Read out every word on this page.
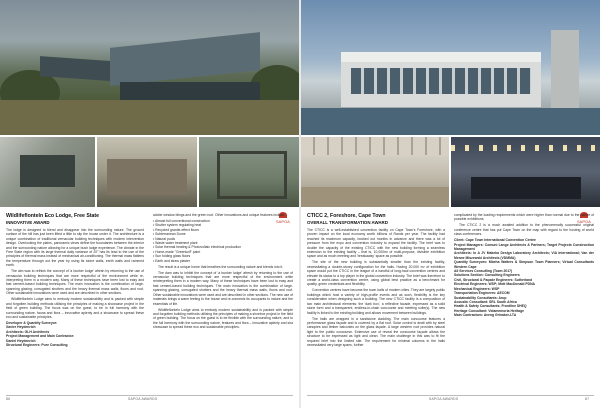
Wildlifeflonteln Eco Lodge, Free State
INNOVATIVE AWARD	SAPOA

The lodge is designed to blend and disappear into the surrounding nature. The ground surface of the hill has just been lifted a little to slip the house under it. The architecture is a unique combination of traditional vernacular building techniques with modern intervention design. Overlooking the plains, panoramic views define the boundaries between the interior and the surrounding nature allowing for a unique bush lodge experience. The climate in the Free State region with its large thermal daily variance of 20° has its lead to the use of the principles of thermal mass instead of mechanical air-conditioning. The thermal mass flattens the temperature through out the year by using its stone walls, earth walls and rammed earth.

The aim was to rethink the concept of 'a bunker lodge' afresh by returning to the use of vernacular building techniques that are more respectful of the environment while re-interpreting them in a modern way. Many of these techniques have been lost to easy and fast cement-based building techniques. The main innovation is the combination of large-spanning glazing, corrugated shutters and the heavy thermal mass walls, floors and roof. Other sustainable innovations were used and are described in other sections.

Wildlifeflonteln Lodge aims to embody modern sustainability and is packed with simple and forgotten building methods utilising the principles of making a showcase project in the field of green building. The focus was on the guest, to be in full harmony with the surrounding nature, fauna and flora – innovative aplenty and a showcase to spread these eco and sustainable principles.

Developer & Quantity Surveyor:
Xavier Heydenrich
Architects: GLH Architects
Project Management and Main Contractor:
Daniel Heydenrich
Structural Engineers: Pure Consulting

adobe window blings and the green roof. Other innovations and unique features include:

• Almost full conventional construction
• Shutter system regulating heat
• Recycled granite-effect floors
• Subterranean Dome
• Natural pools
• Waste water treatment plant
• Solar thermal heating & Photovoltaic electrical production
• Home-made "Greenkolf" paint
• Sun folding glass floors
• Earth and straw plaster

The result is a unique home that breathes the surrounding nature and blends into it.

The dam was to inhibit the concept of 'a bunker lodge' afresh by returning to the use of vernacular building techniques that are more respectful of the environment while reinterpreting them in a modern way. Many of these techniques have been lost to easy and fast cement-based building techniques. The main innovation is the combination of large-spanning glazing, corrugated shutters and the heavy thermal mass walls, floors and roof. Other sustainable innovations were used and are described in other sections. The new use of materials brings a warm feeling to the house and re-connects its occupants to nature and the essentials of life.

Wildlifeflonteln Lodge aims to embody modern sustainability and is packed with simple and forgotten building methods utilising the principles of making a shoebox project in the field of green building. The focus on the guest is to be flexible with the surrounding nature, and to the full harmony with the surrounding nature, features and flora – innovative aplenty and sha showcase to spread these eco and sustainable principles.

86	SAPOA AWARDS
CTICC 2, Foreshore, Cape Town
OVERALL TRANSFORMATION AWARD	SAPOA

The CTICC is a well-established convention facility on Cape Town's Foreshore, with a proven impact on the local economy worth billions of Rands per year. The facility had reached its maximum capacity, booked out months in advance and there was a lot of pressure from the expo and convention industry to expand the facility. The brief was to double the capacity of the existing CTICC with the new building forming a seamless extension to the existing facility – that is, 10,000m² of multi-purpose, divisible exhibition space and as much meeting and 'breakaway' space as possible.

The site of the new building is substantially smaller than the existing facility, necessitating a double-storey configuration for the halls. Having 20,000 m² of exhibition space would put the CTICC in the league of a handful of long-haul convention centres and elevate its status to a top player in the global convention industry. The brief was therefore to create a world-class convention centre, using global best practice as a benchmark for quality, green credentials and flexibility.

Convention centres have become the town halls of modern cities. They are largely public buildings which host a variety of high-profile events and as such, flexibility is the key consideration when designing such a building. The new CTICC facility is a composition of two main architectural elements: the 'dark box', a reflective facade, expressed as a solid stone form and a transparent, endless-in-chain concourse and meeting suite(s). The new facility is linked to the existing building and allows movement between buildings.

The halls are wrapped in a sandstone cladding. The main concourse features a performance glass façade and is covered by a flat roof. Solar control is dealt with by steel canopies and timber balconies on the glass façade. A large western roof provides natural light to the public concourse. Extensive use of reveal the concourse façade allows the structure to be expressed as light and clean. The main challenge in this was to fit the required brief into the limited site. The requirement for minimal columns in the halls necessitated very large spans, further

complicated by the loading requirements which were higher than normal due to the nature of possible exhibitions.

The CTICC 2 is a much awaited addition to the phenomenally successful original conference centre that has put Cape Town on the map with regard to the hosting of world class conferences.

Client: Cape Town International Convention Centre
Project Managers: Comuni Lange Architects & Partners; Target Projects Construction Management
Architects: In A JV Makeka Design Laboratory Architects; VIA International; Van der Merwe Miszewski Architects (VDMMA)
Quantity Surveyors: Mbeha Walters & Simpson Town Planners; Virtual Consultants Western Cape
All Services Consulting (Town 2017)
Solutions Section: Consulting Engineers
Civil, Structural & Façade Engineers: Sutherland
Electrical Engineers: WSP; Mott MacDonald PDNA
Mechanical Engineers: WSP
Transportation Engineers: AECOM
Sustainability Consultants: Arup
Acoustic Consultant: SRL South Africa
Health & Safety Consultants: Frontline SHEQ
Heritage Consultant: Vidamemoria Heritage
Main Contractors: Aveng Grinaker-LTA
SAPOA AWARDS	87
